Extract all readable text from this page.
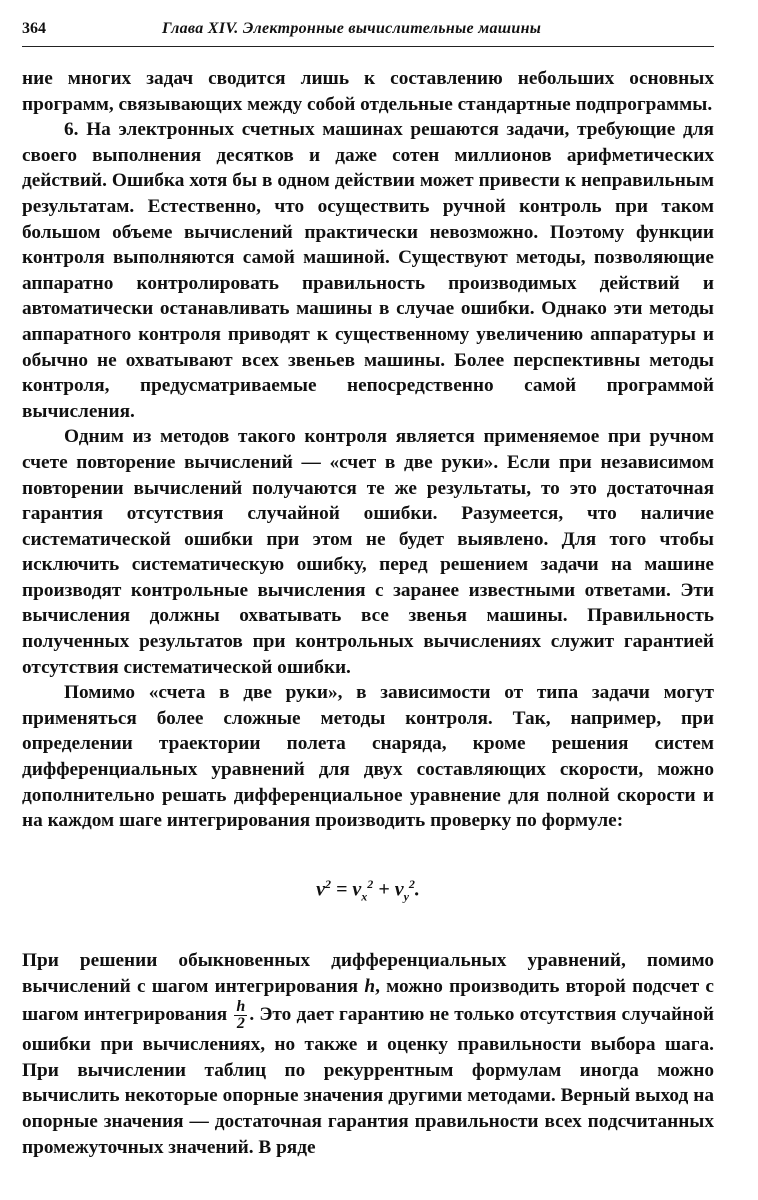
364	Глава XIV. Электронные вычислительные машины

ние многих задач сводится лишь к составлению небольших основных программ, связывающих между собой отдельные стандартные подпрограммы.

6. На электронных счетных машинах решаются задачи, требующие для своего выполнения десятков и даже сотен миллионов арифметических действий. Ошибка хотя бы в одном действии может привести к неправильным результатам. Естественно, что осуществить ручной контроль при таком большом объеме вычислений практически невозможно. Поэтому функции контроля выполняются самой машиной. Существуют методы, позволяющие аппаратно контролировать правильность производимых действий и автоматически останавливать машины в случае ошибки. Однако эти методы аппаратного контроля приводят к существенному увеличению аппаратуры и обычно не охватывают всех звеньев машины. Более перспективны методы контроля, предусматриваемые непосредственно самой программой вычисления.

Одним из методов такого контроля является применяемое при ручном счете повторение вычислений — «счет в две руки». Если при независимом повторении вычислений получаются те же результаты, то это достаточная гарантия отсутствия случайной ошибки. Разумеется, что наличие систематической ошибки при этом не будет выявлено. Для того чтобы исключить систематическую ошибку, перед решением задачи на машине производят контрольные вычисления с заранее известными ответами. Эти вычисления должны охватывать все звенья машины. Правильность полученных результатов при контрольных вычислениях служит гарантией отсутствия систематической ошибки.

Помимо «счета в две руки», в зависимости от типа задачи могут применяться более сложные методы контроля. Так, например, при определении траектории полета снаряда, кроме решения систем дифференциальных уравнений для двух составляющих скорости, можно дополнительно решать дифференциальное уравнение для полной скорости и на каждом шаге интегрирования производить проверку по формуле:

$v^2 = v_x^2 + v_y^2$.

При решении обыкновенных дифференциальных уравнений, помимо вычислений с шагом интегрирования h, можно производить второй подсчет с шагом интегрирования $\frac{h}{2}$ . Это дает гарантию не только отсутствия случайной ошибки при вычислениях, но также и оценку правильности выбора шага. При вычислении таблиц по рекуррентным формулам иногда можно вычислить некоторые опорные значения другими методами. Верный выход на опорные значения — достаточная гарантия правильности всех подсчитанных промежуточных значений. В ряде
